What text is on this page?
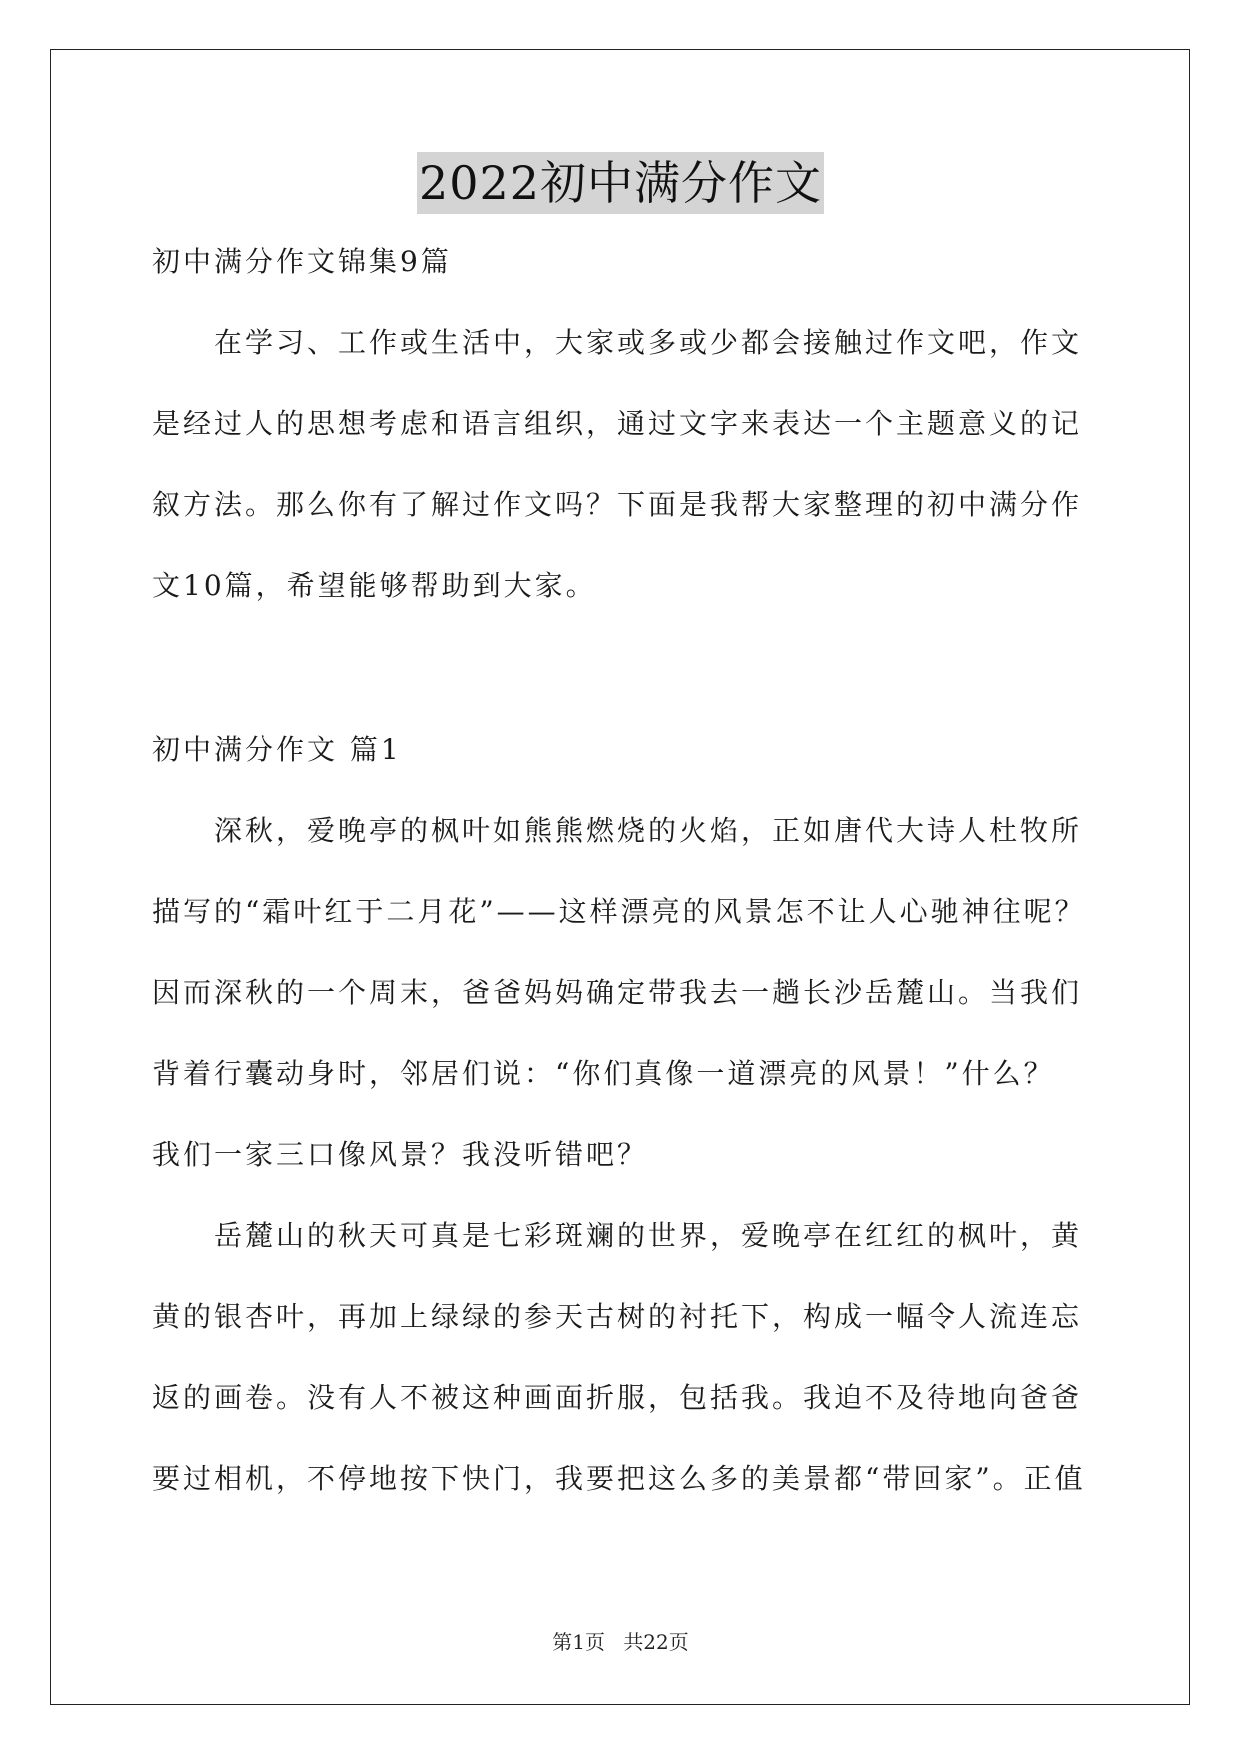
2022初中满分作文
初中满分作文锦集9篇
在学习、工作或生活中，大家或多或少都会接触过作文吧，作文
是经过人的思想考虑和语言组织，通过文字来表达一个主题意义的记
叙方法。那么你有了解过作文吗？下面是我帮大家整理的初中满分作
文10篇，希望能够帮助到大家。
初中满分作文 篇1
深秋，爱晚亭的枫叶如熊熊燃烧的火焰，正如唐代大诗人杜牧所
描写的“霜叶红于二月花”——这样漂亮的风景怎不让人心驰神往呢？
因而深秋的一个周末，爸爸妈妈确定带我去一趟长沙岳麓山。当我们
背着行囊动身时，邻居们说：“你们真像一道漂亮的风景！”什么？
我们一家三口像风景？我没听错吧？
岳麓山的秋天可真是七彩斑斓的世界，爱晚亭在红红的枫叶，黄
黄的银杏叶，再加上绿绿的参天古树的衬托下，构成一幅令人流连忘
返的画卷。没有人不被这种画面折服，包括我。我迫不及待地向爸爸
要过相机，不停地按下快门，我要把这么多的美景都“带回家”。正值
第1页 共22页
